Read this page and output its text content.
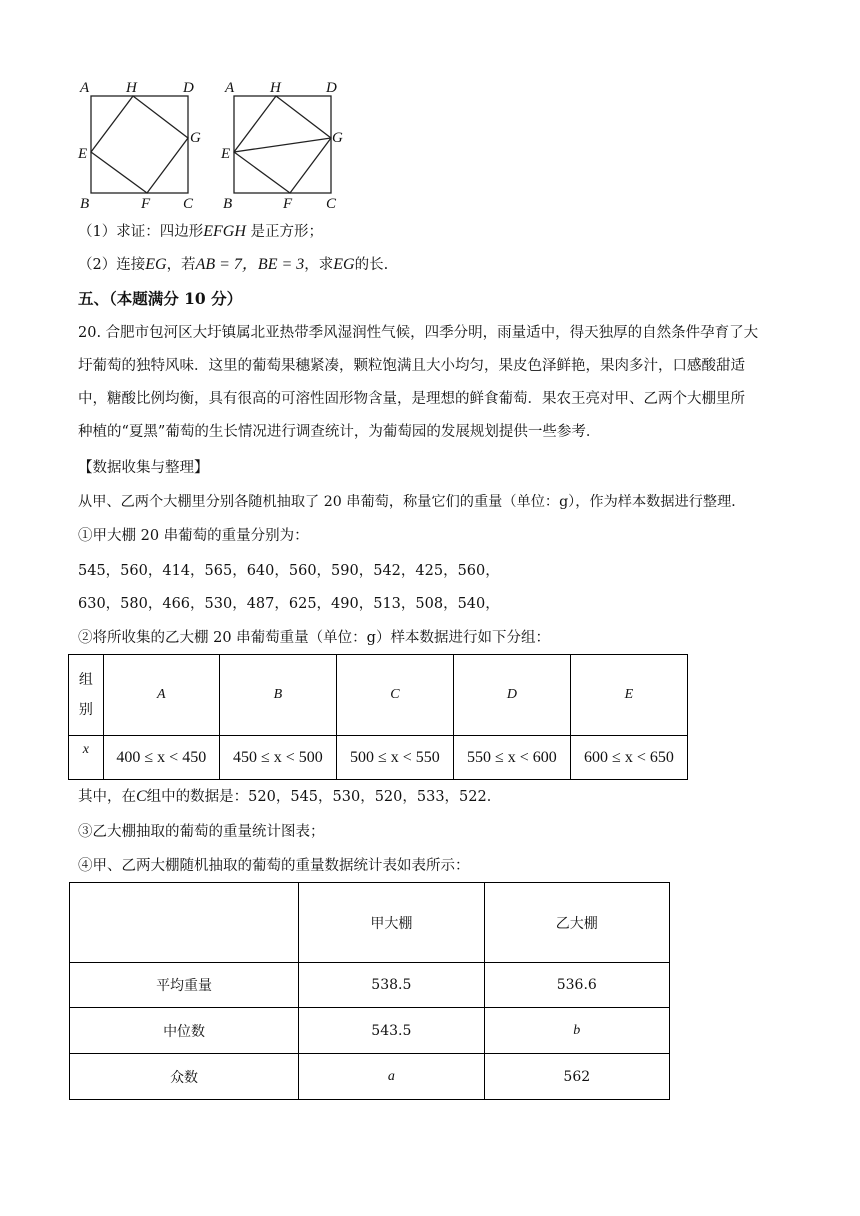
A H	D
E
G
B	F C
A H	D
E
G
B	F C
（1）求证：四边形EFGH 是正方形；
（2）连接EG，若AB = 7，BE = 3，求EG的长.
五、（本题满分 10 分）
20. 合肥市包河区大圩镇属北亚热带季风湿润性气候，四季分明，雨量适中，得天独厚的自然条件孕育了大
圩葡萄的独特风味．这里的葡萄果穗紧凑，颗粒饱满且大小均匀，果皮色泽鲜艳，果肉多汁，口感酸甜适
中，糖酸比例均衡，具有很高的可溶性固形物含量，是理想的鲜食葡萄．果农王亮对甲、乙两个大棚里所
种植的“夏黑”葡萄的生长情况进行调查统计，为葡萄园的发展规划提供一些参考．
【数据收集与整理】
从甲、乙两个大棚里分别各随机抽取了 20 串葡萄，称量它们的重量（单位：g），作为样本数据进行整理．
①甲大棚 20 串葡萄的重量分别为：
545，560，414，565，640，560，590，542，425，560，
630，580，466，530，487，625，490，513，508，540，
②将所收集的乙大棚 20 串葡萄重量（单位：g）样本数据进行如下分组：
组
别	A	B	C	D	E
x	400 ≤ x < 450	450 ≤ x < 500	500 ≤ x < 550	550 ≤ x < 600	600 ≤ x < 650
其中，在C组中的数据是：520，545，530，520，533，522．
③乙大棚抽取的葡萄的重量统计图表；
④甲、乙两大棚随机抽取的葡萄的重量数据统计表如表所示：
	甲大棚	乙大棚
平均重量	538.5	536.6
中位数	543.5	b
众数	a	562
